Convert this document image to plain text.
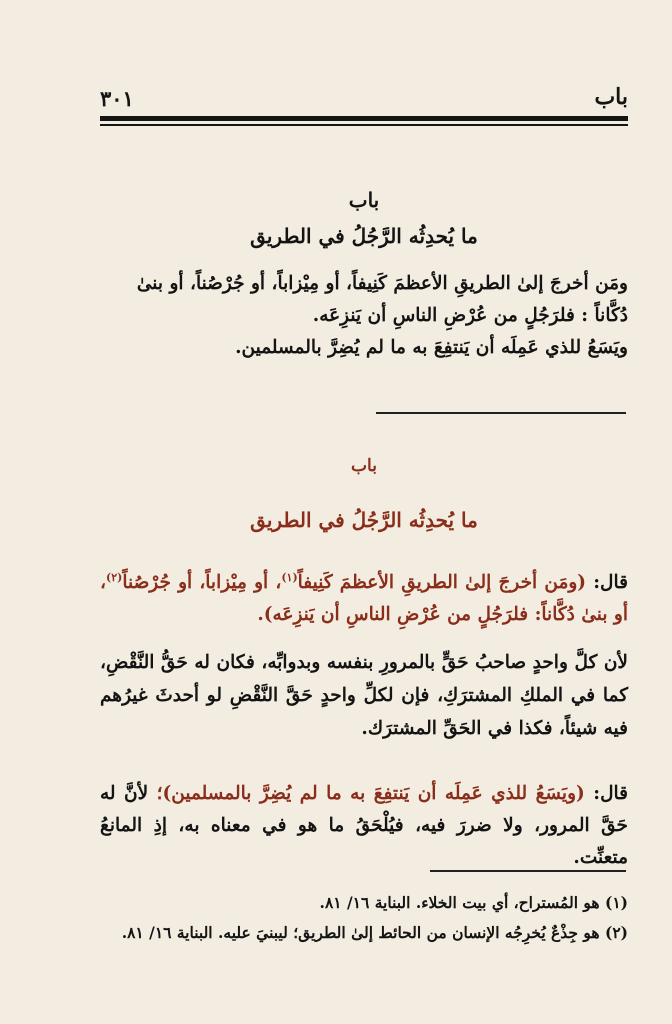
باب
٣٠١
باب
ما يُحدِثُه الرَّجُلُ في الطريق
ومَن أخرجَ إلىٰ الطريقِ الأعظمَ كَنِيفاً، أو مِيْزاباً، أو جُرْصُناً، أو بنىٰ
دُكَّاناً : فلرَجُلٍ من عُرْضِ الناسِ أن يَنزِعَه.
ويَسَعُ للذي عَمِلَه أن يَنتفِعَ به ما لم يُضِرَّ بالمسلمين.
باب
ما يُحدِثُه الرَّجُلُ في الطريق
قال: (ومَن أخرجَ إلىٰ الطريقِ الأعظمَ كَنِيفاً$^{(١)}$، أو مِيْزاباً، أو جُرْصُناً$^{(٢)}$، أو بنىٰ دُكَّاناً: فلرَجُلٍ من عُرْضِ الناسِ أن يَنزِعَه).
لأن كلَّ واحدٍ صاحبُ حَقٍّ بالمرورِ بنفسه وبدوابِّه، فكان له حَقُّ النَّقْضِ، كما في الملكِ المشترَكِ، فإن لكلِّ واحدٍ حَقَّ النَّقْضِ لو أحدثَ غيرُهم فيه شيئاً، فكذا في الحَقِّ المشترَك.
قال: (ويَسَعُ للذي عَمِلَه أن يَنتفِعَ به ما لم يُضِرَّ بالمسلمين)؛ لأنَّ له حَقَّ المرور، ولا ضررَ فيه، فيُلْحَقُ ما هو في معناه به، إذِ المانعُ متعنِّت.
(١) هو المُستراح، أي بيت الخلاء. البناية ١٦/ ٨١.
(٢) هو جِذْعٌ يُخرِجُه الإنسان من الحائط إلىٰ الطريق؛ ليبنيَ عليه. البناية ١٦/ ٨١.
